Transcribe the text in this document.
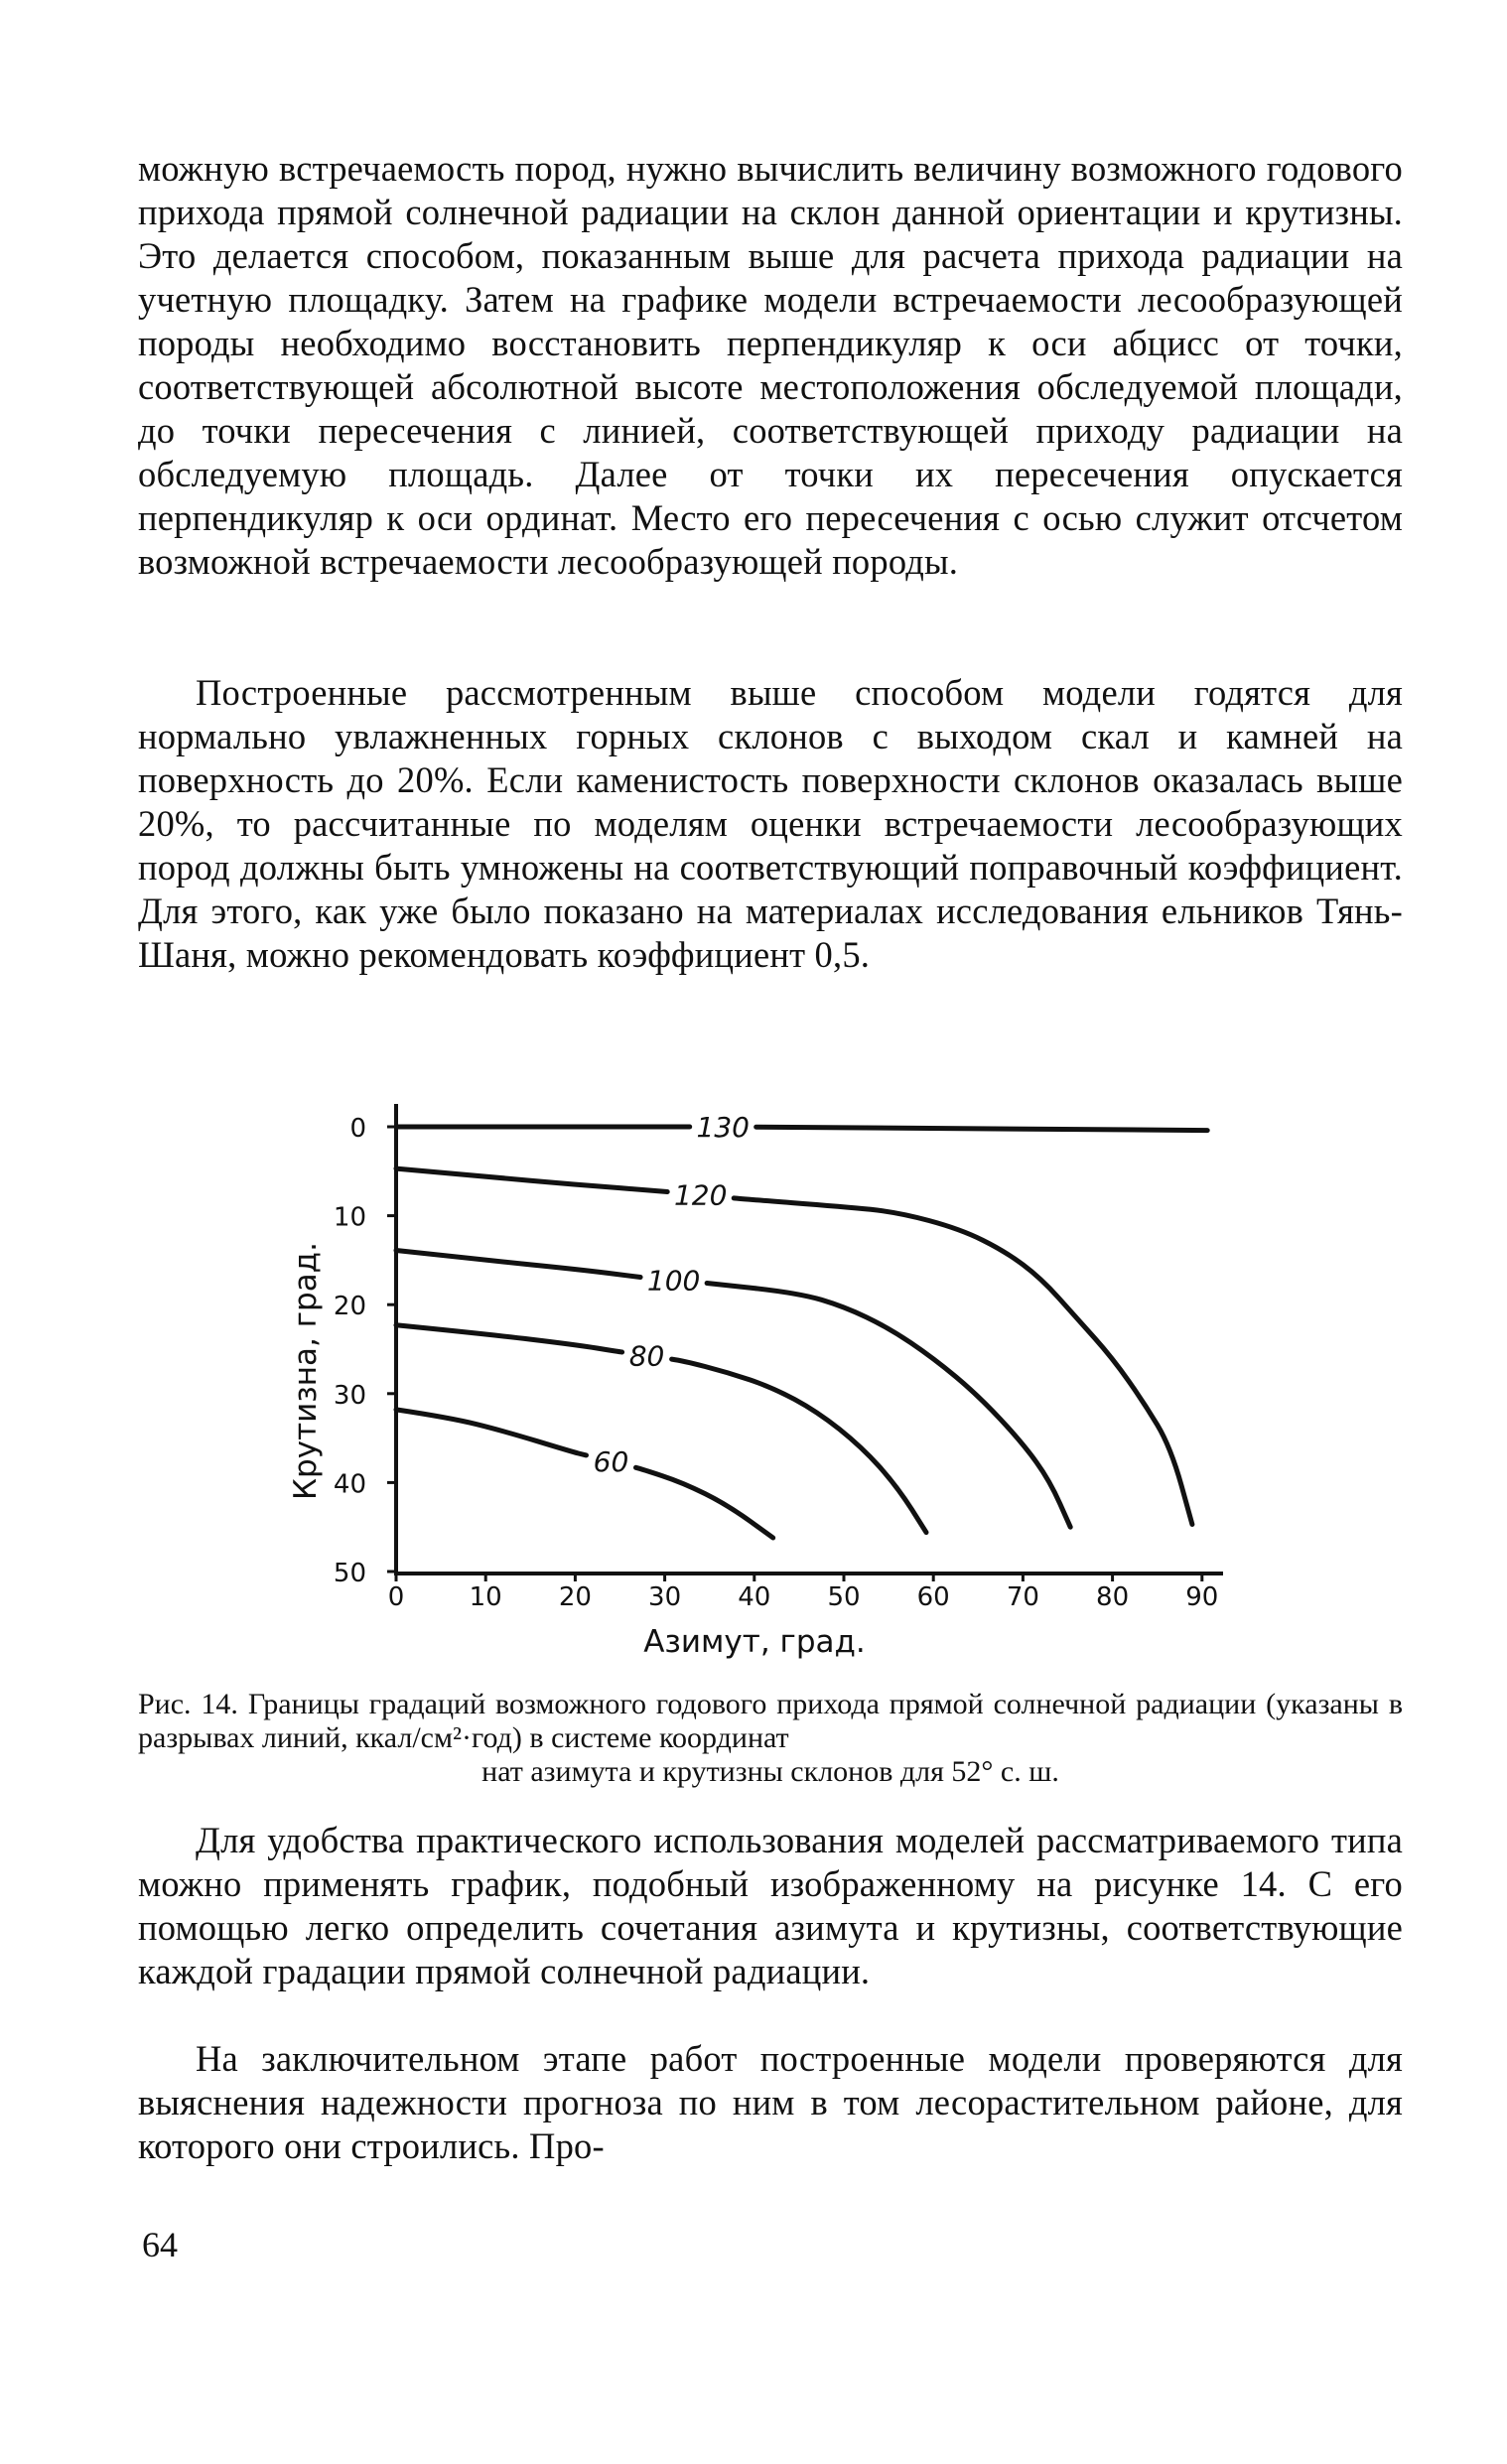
можную встречаемость пород, нужно вычислить величину возможного годового прихода прямой солнечной радиации на склон данной ориентации и крутизны. Это делается способом, показанным выше для расчета прихода радиации на учетную площадку. Затем на графике модели встречаемости лесообразующей породы необходимо восстановить перпендикуляр к оси абцисс от точки, соответствующей абсолютной высоте местоположения обследуемой площади, до точки пересечения с линией, соответствующей приходу радиации на обследуемую площадь. Далее от точки их пересечения опускается перпендикуляр к оси ординат. Место его пересечения с осью служит отсчетом возможной встречаемости лесообразующей породы.

Построенные рассмотренным выше способом модели годятся для нормально увлажненных горных склонов с выходом скал и камней на поверхность до 20%. Если каменистость поверхности склонов оказалась выше 20%, то рассчитанные по моделям оценки встречаемости лесообразующих пород должны быть умножены на соответствующий поправочный коэффициент. Для этого, как уже было показано на материалах исследования ельников Тянь-Шаня, можно рекомендовать коэффициент 0,5.

0
10
20
30
40
50
0	10 20 30 40 50 60 70 80 90
130
120
100
80
60
Крутизна, град.
Азимут, град.
Рис. 14. Границы градаций возможного годового прихода прямой солнечной радиации (указаны в разрывах линий, ккал/см²·год) в системе координат
нат азимута и крутизны склонов для 52° с. ш.

Для удобства практического использования моделей рассматриваемого типа можно применять график, подобный изображенному на рисунке 14. С его помощью легко определить сочетания азимута и крутизны, соответствующие каждой градации прямой солнечной радиации.

На заключительном этапе работ построенные модели проверяются для выяснения надежности прогноза по ним в том лесорастительном районе, для которого они строились. Про-

64
